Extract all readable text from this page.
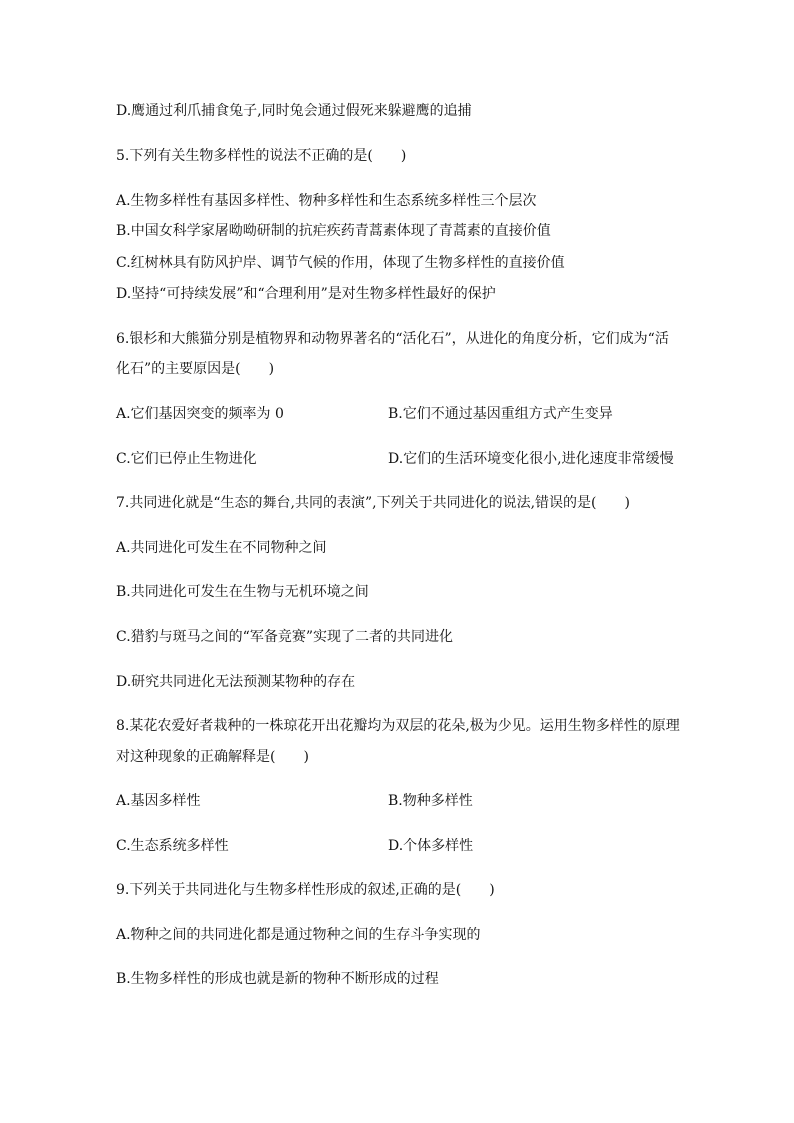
D.鹰通过利爪捕食兔子,同时兔会通过假死来躲避鹰的追捕
5.下列有关生物多样性的说法不正确的是(　　)
A.生物多样性有基因多样性、物种多样性和生态系统多样性三个层次
B.中国女科学家屠呦呦研制的抗疟疾药青蒿素体现了青蒿素的直接价值
C.红树林具有防风护岸、调节气候的作用，体现了生物多样性的直接价值
D.坚持“可持续发展”和“合理利用”是对生物多样性最好的保护
6.银杉和大熊猫分别是植物界和动物界著名的“活化石”，从进化的角度分析，它们成为“活
化石”的主要原因是(　　)
A.它们基因突变的频率为 0	B.它们不通过基因重组方式产生变异
C.它们已停止生物进化	D.它们的生活环境变化很小,进化速度非常缓慢
7.共同进化就是“生态的舞台,共同的表演”,下列关于共同进化的说法,错误的是(　　)
A.共同进化可发生在不同物种之间
B.共同进化可发生在生物与无机环境之间
C.猎豹与斑马之间的“军备竞赛”实现了二者的共同进化
D.研究共同进化无法预测某物种的存在
8.某花农爱好者栽种的一株琼花开出花瓣均为双层的花朵,极为少见。运用生物多样性的原理
对这种现象的正确解释是(　　)
A.基因多样性	B.物种多样性
C.生态系统多样性	D.个体多样性
9.下列关于共同进化与生物多样性形成的叙述,正确的是(　　)
A.物种之间的共同进化都是通过物种之间的生存斗争实现的
B.生物多样性的形成也就是新的物种不断形成的过程
